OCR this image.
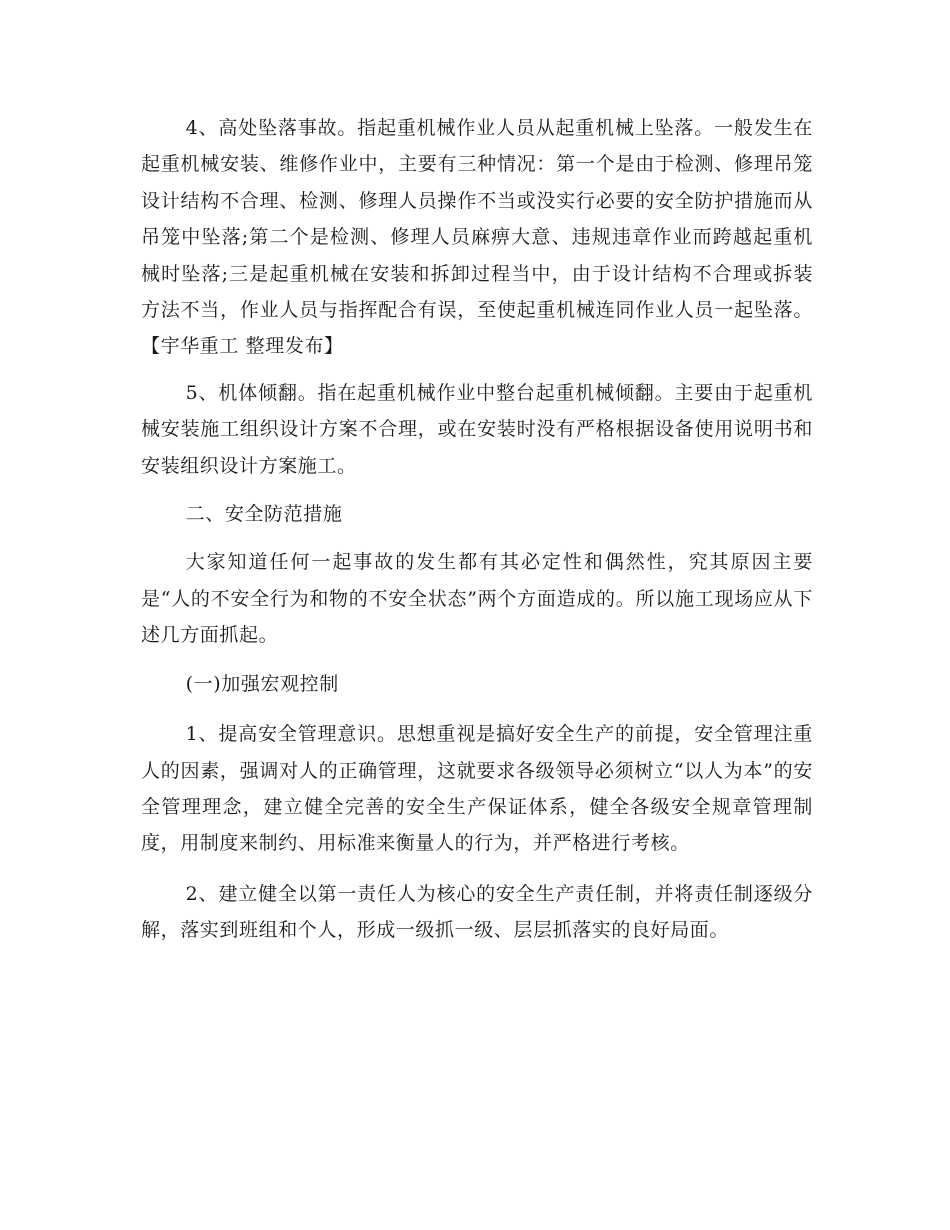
4、高处坠落事故。指起重机械作业人员从起重机械上坠落。一般发生在起重机械安装、维修作业中，主要有三种情况：第一个是由于检测、修理吊笼设计结构不合理、检测、修理人员操作不当或没实行必要的安全防护措施而从吊笼中坠落;第二个是检测、修理人员麻痹大意、违规违章作业而跨越起重机械时坠落;三是起重机械在安装和拆卸过程当中，由于设计结构不合理或拆装方法不当，作业人员与指挥配合有误，至使起重机械连同作业人员一起坠落。【宇华重工 整理发布】

5、机体倾翻。指在起重机械作业中整台起重机械倾翻。主要由于起重机械安装施工组织设计方案不合理，或在安装时没有严格根据设备使用说明书和安装组织设计方案施工。

二、安全防范措施

大家知道任何一起事故的发生都有其必定性和偶然性，究其原因主要是“人的不安全行为和物的不安全状态”两个方面造成的。所以施工现场应从下述几方面抓起。

(一)加强宏观控制

1、提高安全管理意识。思想重视是搞好安全生产的前提，安全管理注重人的因素，强调对人的正确管理，这就要求各级领导必须树立“以人为本”的安全管理理念，建立健全完善的安全生产保证体系，健全各级安全规章管理制度，用制度来制约、用标准来衡量人的行为，并严格进行考核。

2、建立健全以第一责任人为核心的安全生产责任制，并将责任制逐级分解，落实到班组和个人，形成一级抓一级、层层抓落实的良好局面。
